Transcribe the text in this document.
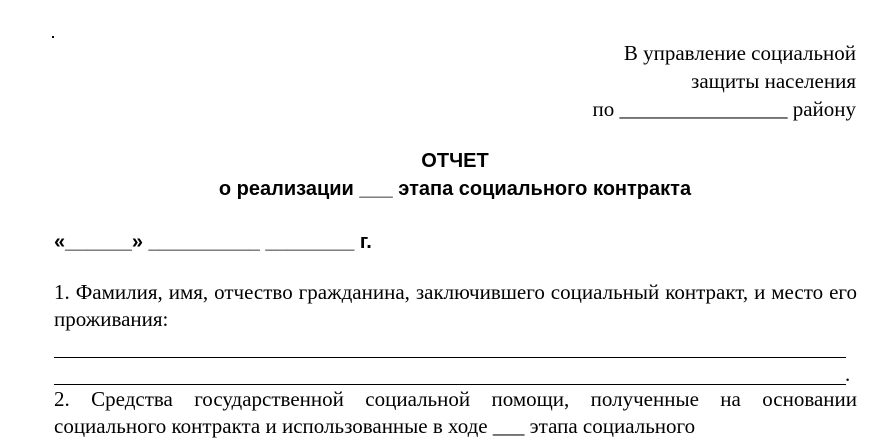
В управление социальной
защиты населения
по ________________ району
ОТЧЕТ
о реализации ___ этапа социального контракта
«______» __________ ________ г.
1. Фамилия, имя, отчество гражданина, заключившего социальный контракт, и место его проживания:
.
2. Средства государственной социальной помощи, полученные на основании социального контракта и использованные в ходе ___ этапа социального
